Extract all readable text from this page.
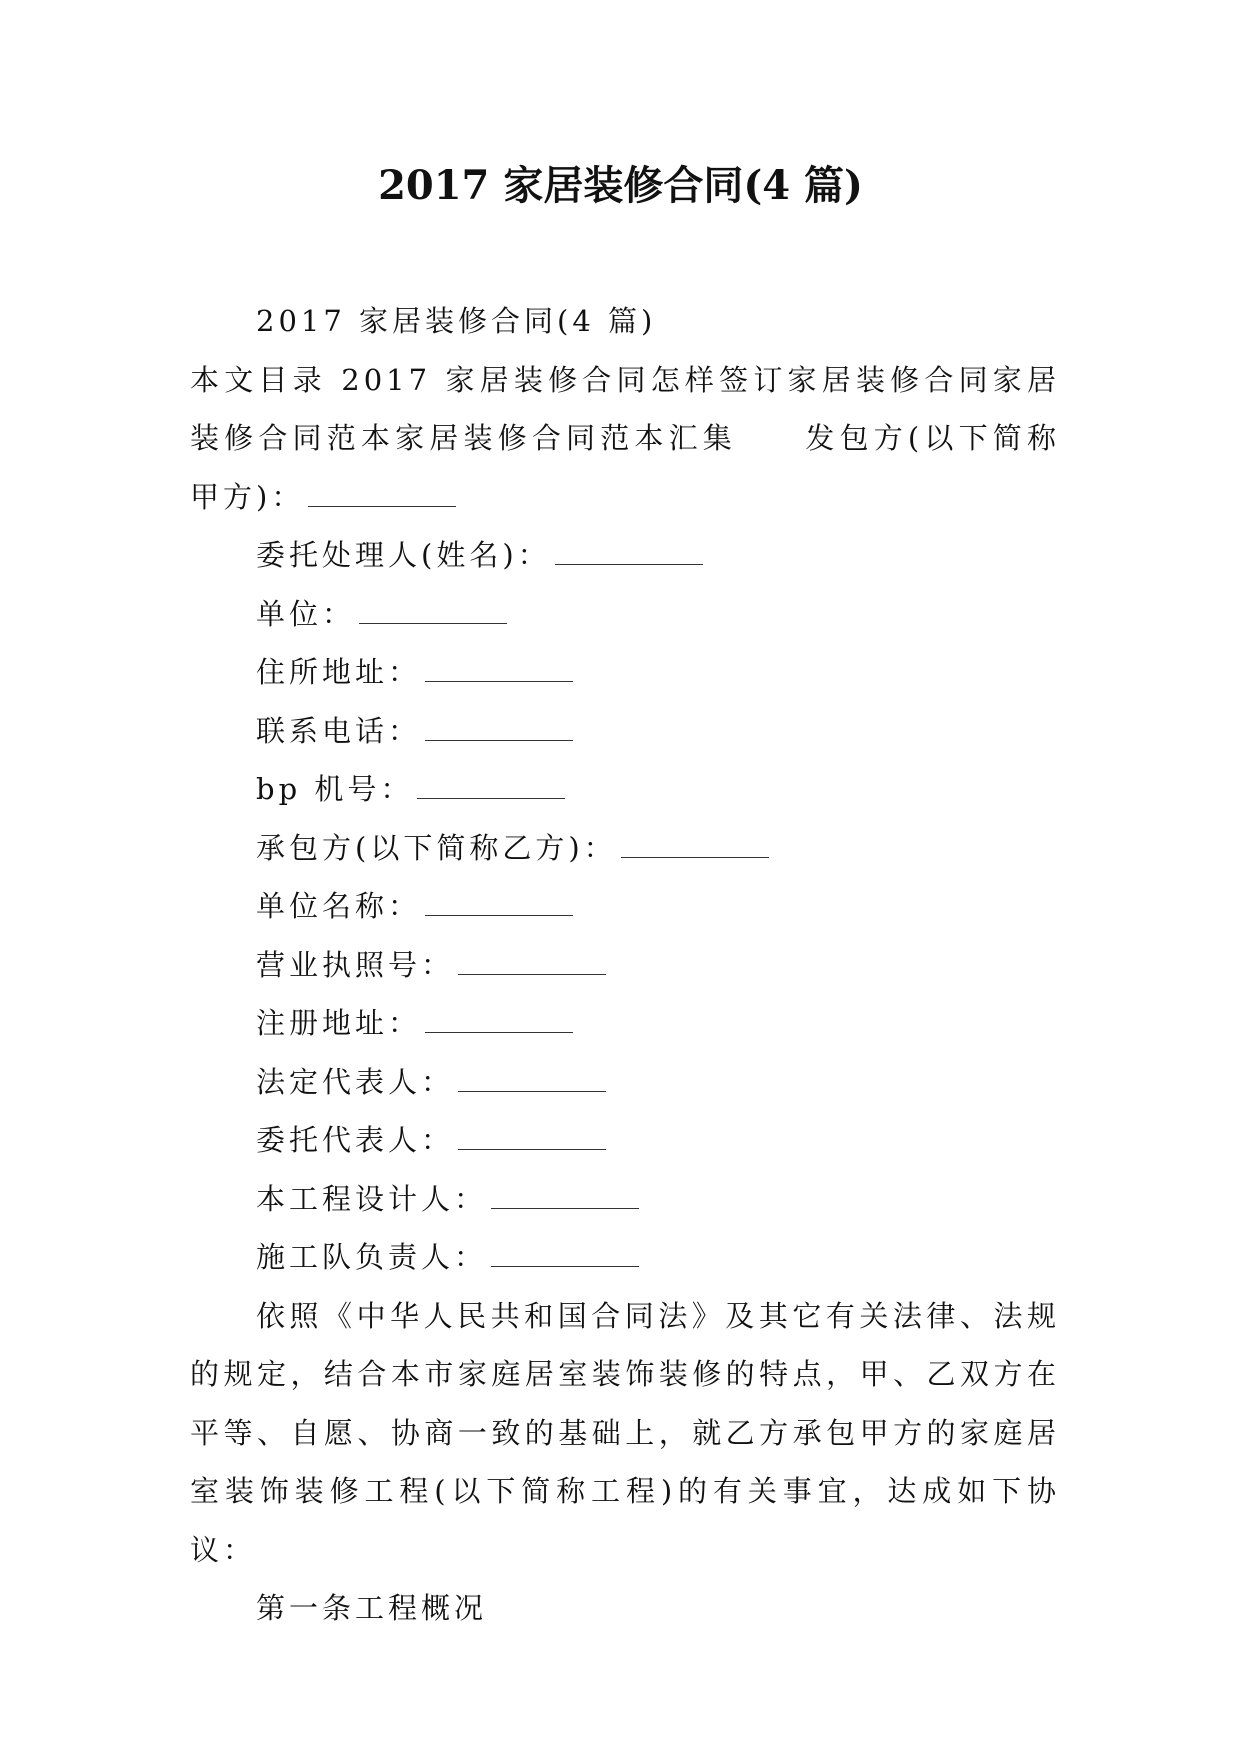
2017 家居装修合同(4 篇)

2017 家居装修合同(4 篇)

本文目录 2017 家居装修合同怎样签订家居装修合同家居装修合同范本家居装修合同范本汇集　　发包方(以下简称甲方)：

委托处理人(姓名)：

单位：

住所地址：

联系电话：

bp 机号：

承包方(以下简称乙方)：

单位名称：

营业执照号：

注册地址：

法定代表人：

委托代表人：

本工程设计人：

施工队负责人：

依照《中华人民共和国合同法》及其它有关法律、法规的规定，结合本市家庭居室装饰装修的特点，甲、乙双方在平等、自愿、协商一致的基础上，就乙方承包甲方的家庭居室装饰装修工程(以下简称工程)的有关事宜，达成如下协议：

第一条工程概况
